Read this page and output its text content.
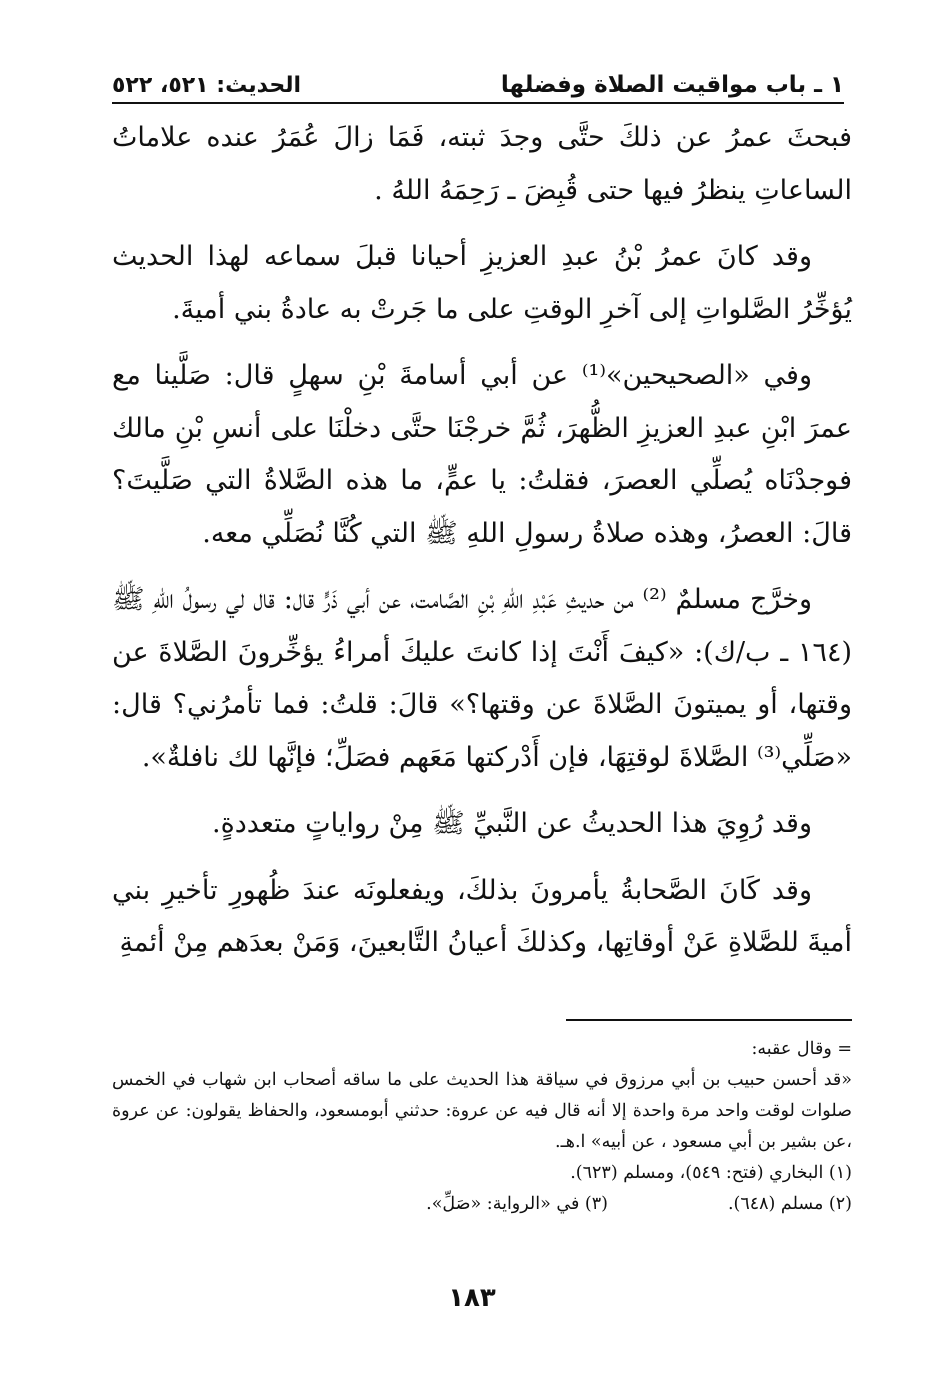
١ ـ باب مواقيت الصلاة وفضلها
الحديث: ٥٢١، ٥٢٢

فبحثَ عمرُ عن ذلكَ حتَّى وجدَ ثبته، فَمَا زالَ عُمَرُ عنده علاماتُ الساعاتِ ينظرُ فيها حتى قُبِضَ ـ رَحِمَهُ اللهُ .

وقد كانَ عمرُ بْنُ عبدِ العزيزِ أحيانا قبلَ سماعه لهذا الحديث يُؤخِّرُ الصَّلواتِ إلى آخرِ الوقتِ على ما جَرتْ به عادةُ بني أميةَ.

وفي «الصحيحين»⁽¹⁾ عن أبي أسامةَ بْنِ سهلٍ قال: صَلَّينا مع عمرَ ابْنِ عبدِ العزيزِ الظُّهرَ، ثُمَّ خرجْنَا حتَّى دخلْنَا على أنسِ بْنِ مالك فوجدْنَاه يُصلِّي العصرَ، فقلتُ: يا عمٍّ، ما هذه الصَّلاةُ التي صَلَّيتَ؟ قالَ: العصرُ، وهذه صلاةُ رسولِ اللهِ ﷺ التي كُنَّا نُصَلِّي معه.

وخرَّج مسلمٌ ⁽²⁾ من حديثِ عَبْدِ اللهِ بْنِ الصَّامت، عن أبي ذَرٍّ قال: قال لي رسولُ اللهِ ﷺ (١٦٤ ـ ب/ك): «كيفَ أَنْتَ إذا كانتَ عليكَ أمراءُ يؤخِّرونَ الصَّلاةَ عن وقتها، أو يميتونَ الصَّلاةَ عن وقتها؟» قالَ: قلتُ: فما تأمرُني؟ قال: «صَلِّي⁽³⁾ الصَّلاةَ لوقتِهَا، فإن أَدْركتها مَعَهم فصَلِّ؛ فإنَّها لك نافلةٌ».

وقد رُوِيَ هذا الحديثُ عن النَّبيِّ ﷺ مِنْ رواياتٍ متعددةٍ.

وقد كَانَ الصَّحابةُ يأمرونَ بذلكَ، ويفعلونَه عندَ ظُهورِ تأخيرِ بني أميةَ للصَّلاةِ عَنْ أوقاتِها، وكذلكَ أعيانُ التَّابعينَ، وَمَنْ بعدَهم مِنْ أئمةِ

= وقال عقبه:

«قد أحسن حبيب بن أبي مرزوق في سياقة هذا الحديث على ما ساقه أصحاب ابن شهاب في الخمس صلوات لوقت واحد مرة واحدة إلا أنه قال فيه عن عروة: حدثني أبومسعود، والحفاظ يقولون: عن عروة ،عن بشير بن أبي مسعود ، عن أبيه» ا.هـ.

(١) البخاري (فتح: ٥٤٩)، ومسلم (٦٢٣).

(٢) مسلم (٦٤٨).
(٣) في «الرواية: «صَلِّ».
١٨٣
